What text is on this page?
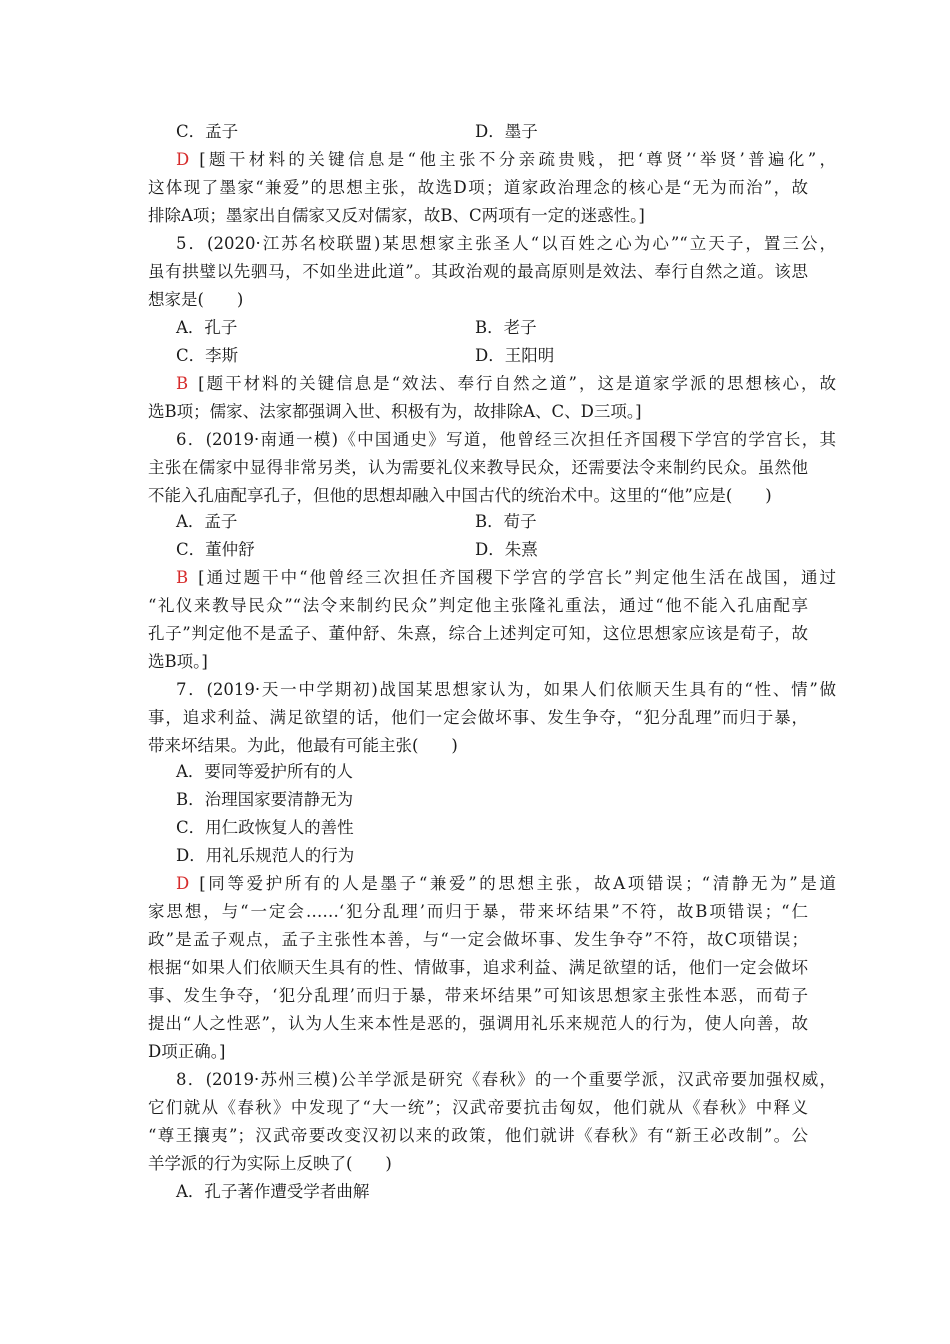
C．孟子	D．墨子
D [题干材料的关键信息是“他主张不分亲疏贵贱，把‘尊贤’‘举贤’普遍化”，
这体现了墨家“兼爱”的思想主张，故选D项；道家政治理念的核心是“无为而治”，故
排除A项；墨家出自儒家又反对儒家，故B、C两项有一定的迷惑性。]
5．(2020·江苏名校联盟)某思想家主张圣人“以百姓之心为心”“立天子，置三公，
虽有拱璧以先驷马，不如坐进此道”。其政治观的最高原则是效法、奉行自然之道。该思
想家是(　　)
A．孔子	B．老子
C．李斯	D．王阳明
B [题干材料的关键信息是“效法、奉行自然之道”，这是道家学派的思想核心，故
选B项；儒家、法家都强调入世、积极有为，故排除A、C、D三项。]
6．(2019·南通一模)《中国通史》写道，他曾经三次担任齐国稷下学宫的学宫长，其
主张在儒家中显得非常另类，认为需要礼仪来教导民众，还需要法令来制约民众。虽然他
不能入孔庙配享孔子，但他的思想却融入中国古代的统治术中。这里的“他”应是(　　)
A．孟子	B．荀子
C．董仲舒	D．朱熹
B [通过题干中“他曾经三次担任齐国稷下学宫的学宫长”判定他生活在战国，通过
“礼仪来教导民众”“法令来制约民众”判定他主张隆礼重法，通过“他不能入孔庙配享
孔子”判定他不是孟子、董仲舒、朱熹，综合上述判定可知，这位思想家应该是荀子，故
选B项。]
7．(2019·天一中学期初)战国某思想家认为，如果人们依顺天生具有的“性、情”做
事，追求利益、满足欲望的话，他们一定会做坏事、发生争夺，“犯分乱理”而归于暴，
带来坏结果。为此，他最有可能主张(　　)
A．要同等爱护所有的人
B．治理国家要清静无为
C．用仁政恢复人的善性
D．用礼乐规范人的行为
D [同等爱护所有的人是墨子“兼爱”的思想主张，故A项错误；“清静无为”是道
家思想，与“一定会……‘犯分乱理’而归于暴，带来坏结果”不符，故B项错误；“仁
政”是孟子观点，孟子主张性本善，与“一定会做坏事、发生争夺”不符，故C项错误；
根据“如果人们依顺天生具有的性、情做事，追求利益、满足欲望的话，他们一定会做坏
事、发生争夺，‘犯分乱理’而归于暴，带来坏结果”可知该思想家主张性本恶，而荀子
提出“人之性恶”，认为人生来本性是恶的，强调用礼乐来规范人的行为，使人向善，故
D项正确。]
8．(2019·苏州三模)公羊学派是研究《春秋》的一个重要学派，汉武帝要加强权威，
它们就从《春秋》中发现了“大一统”；汉武帝要抗击匈奴，他们就从《春秋》中释义
“尊王攘夷”；汉武帝要改变汉初以来的政策，他们就讲《春秋》有“新王必改制”。公
羊学派的行为实际上反映了(　　)
A．孔子著作遭受学者曲解
